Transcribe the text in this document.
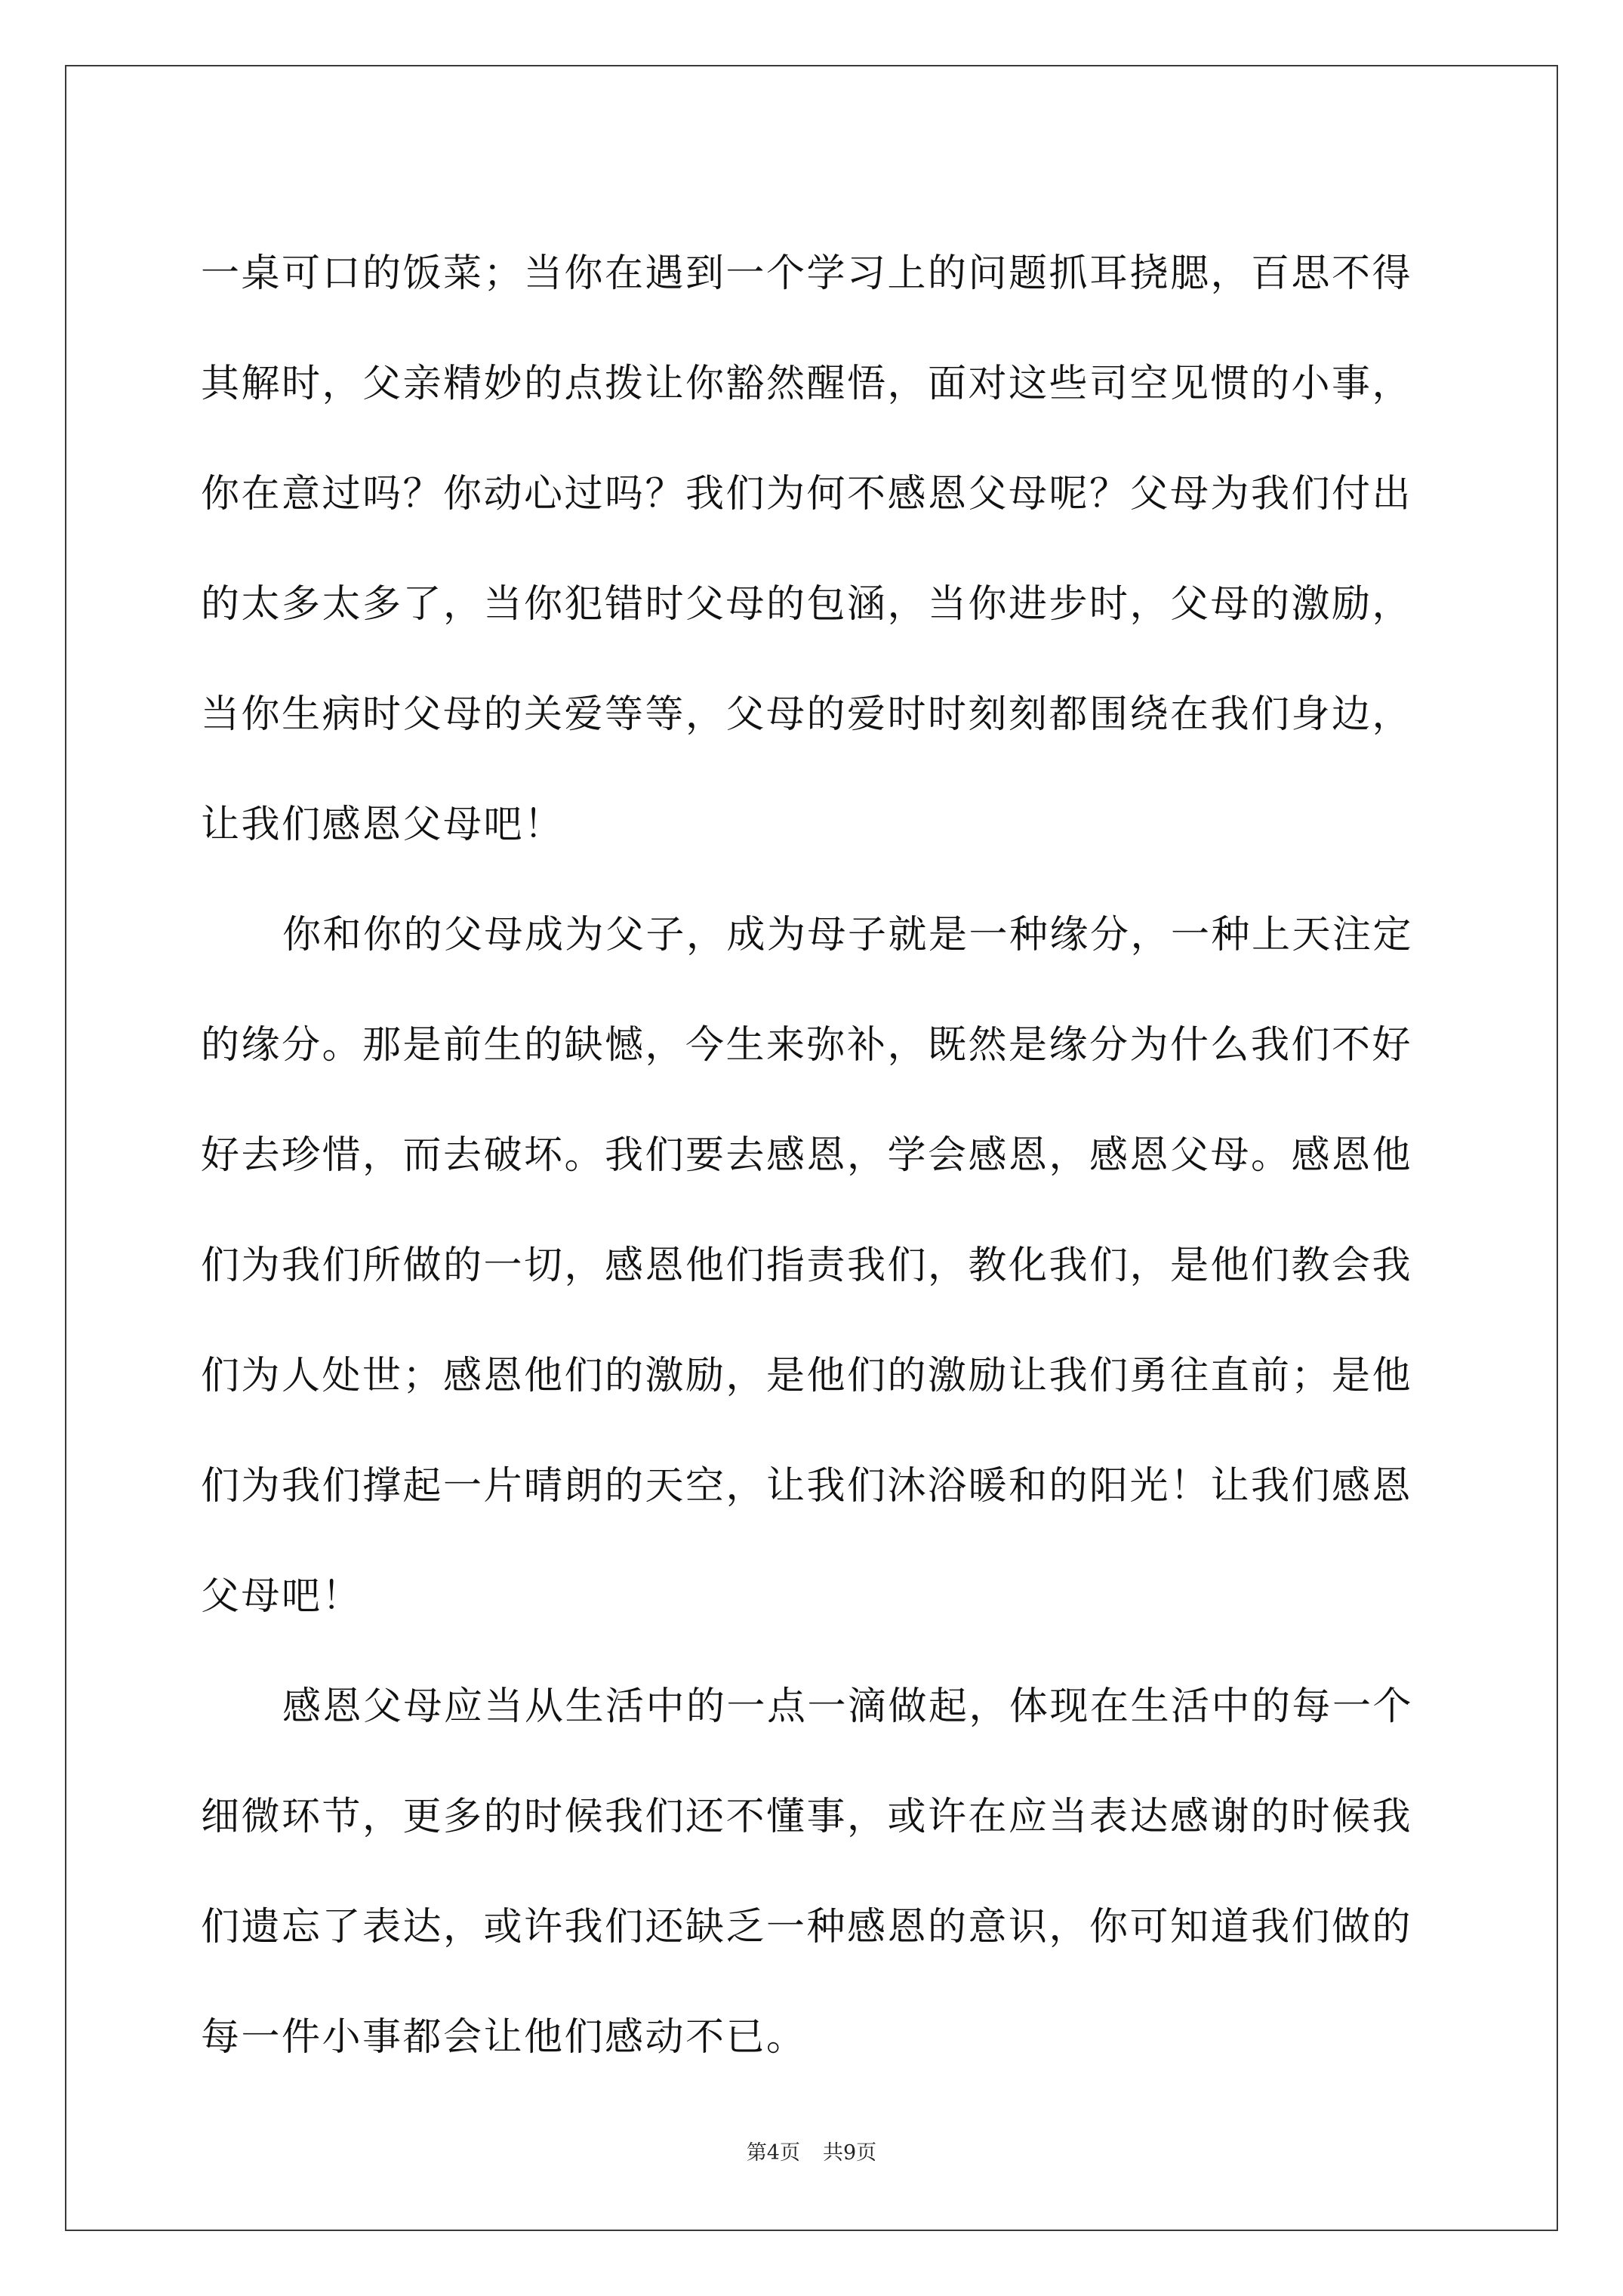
一桌可口的饭菜；当你在遇到一个学习上的问题抓耳挠腮，百思不得
其解时，父亲精妙的点拨让你豁然醒悟，面对这些司空见惯的小事，
你在意过吗？你动心过吗？我们为何不感恩父母呢？父母为我们付出
的太多太多了，当你犯错时父母的包涵，当你进步时，父母的激励，
当你生病时父母的关爱等等，父母的爱时时刻刻都围绕在我们身边，
让我们感恩父母吧！
你和你的父母成为父子，成为母子就是一种缘分，一种上天注定
的缘分。那是前生的缺憾，今生来弥补，既然是缘分为什么我们不好
好去珍惜，而去破坏。我们要去感恩，学会感恩，感恩父母。感恩他
们为我们所做的一切，感恩他们指责我们，教化我们，是他们教会我
们为人处世；感恩他们的激励，是他们的激励让我们勇往直前；是他
们为我们撑起一片晴朗的天空，让我们沐浴暖和的阳光！让我们感恩
父母吧！
感恩父母应当从生活中的一点一滴做起，体现在生活中的每一个
细微环节，更多的时候我们还不懂事，或许在应当表达感谢的时候我
们遗忘了表达，或许我们还缺乏一种感恩的意识，你可知道我们做的
每一件小事都会让他们感动不已。
第4页 共9页
